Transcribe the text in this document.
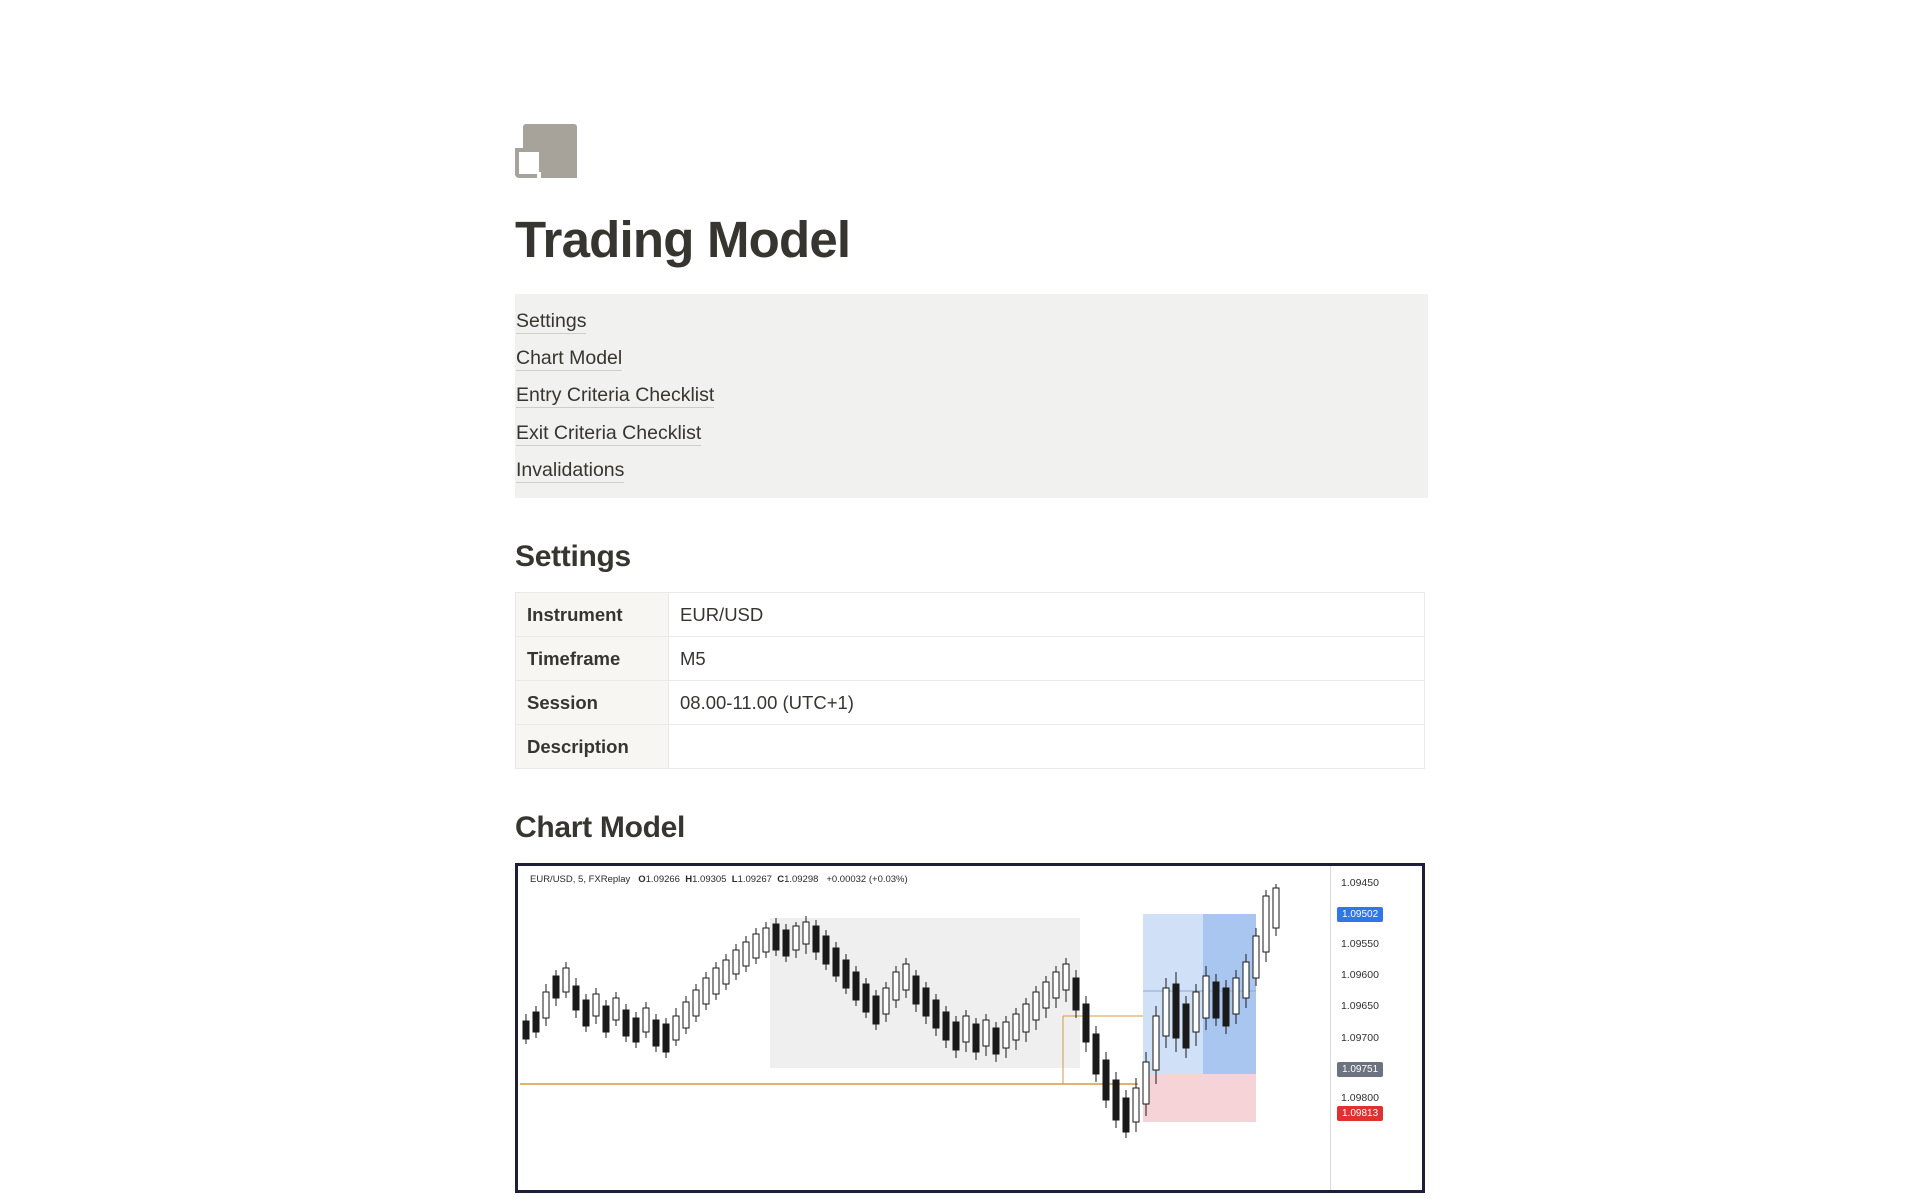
Trading Model
Settings
Chart Model
Entry Criteria Checklist
Exit Criteria Checklist
Invalidations
Settings
Instrument	EUR/USD
Timeframe	M5
Session	08.00-11.00 (UTC+1)
Description	
Chart Model
EUR/USD, 5, FXReplay O1.09266 H1.09305 L1.09267 C1.09298 +0.00032 (+0.03%)	1.09450
1.09550
1.09600
1.09650
1.09700
1.09800
1.09502
1.09751
1.09813
